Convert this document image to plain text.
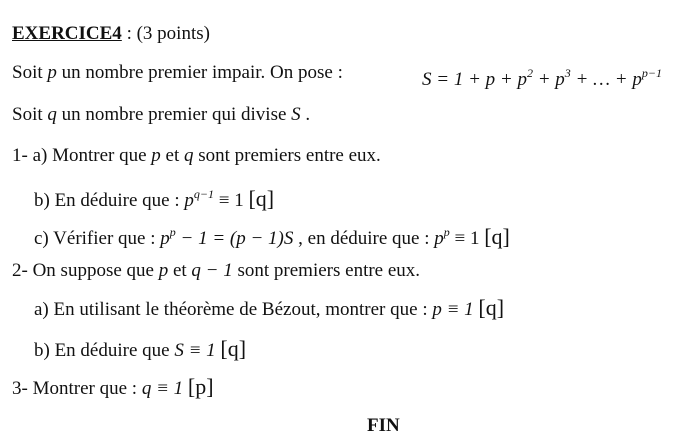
EXERCICE4 : (3 points)
Soit p un nombre premier impair. On pose :	$S = 1 + p + p^2 + p^3$ + … + $p^{p-1}$
Soit q un nombre premier qui divise S .
1- a) Montrer que p et q sont premiers entre eux.
b) En déduire que : $p^{q-1} \equiv 1$ [q]
c) Vérifier que : $p^p - 1 = (p - 1)S$ , en déduire que : $p^p \equiv 1$ [q]
2- On suppose que p et q − 1 sont premiers entre eux.
a) En utilisant le théorème de Bézout, montrer que : p ≡ 1 [q]
b) En déduire que S ≡ 1 [q]
3- Montrer que : q ≡ 1 [p]
FIN
